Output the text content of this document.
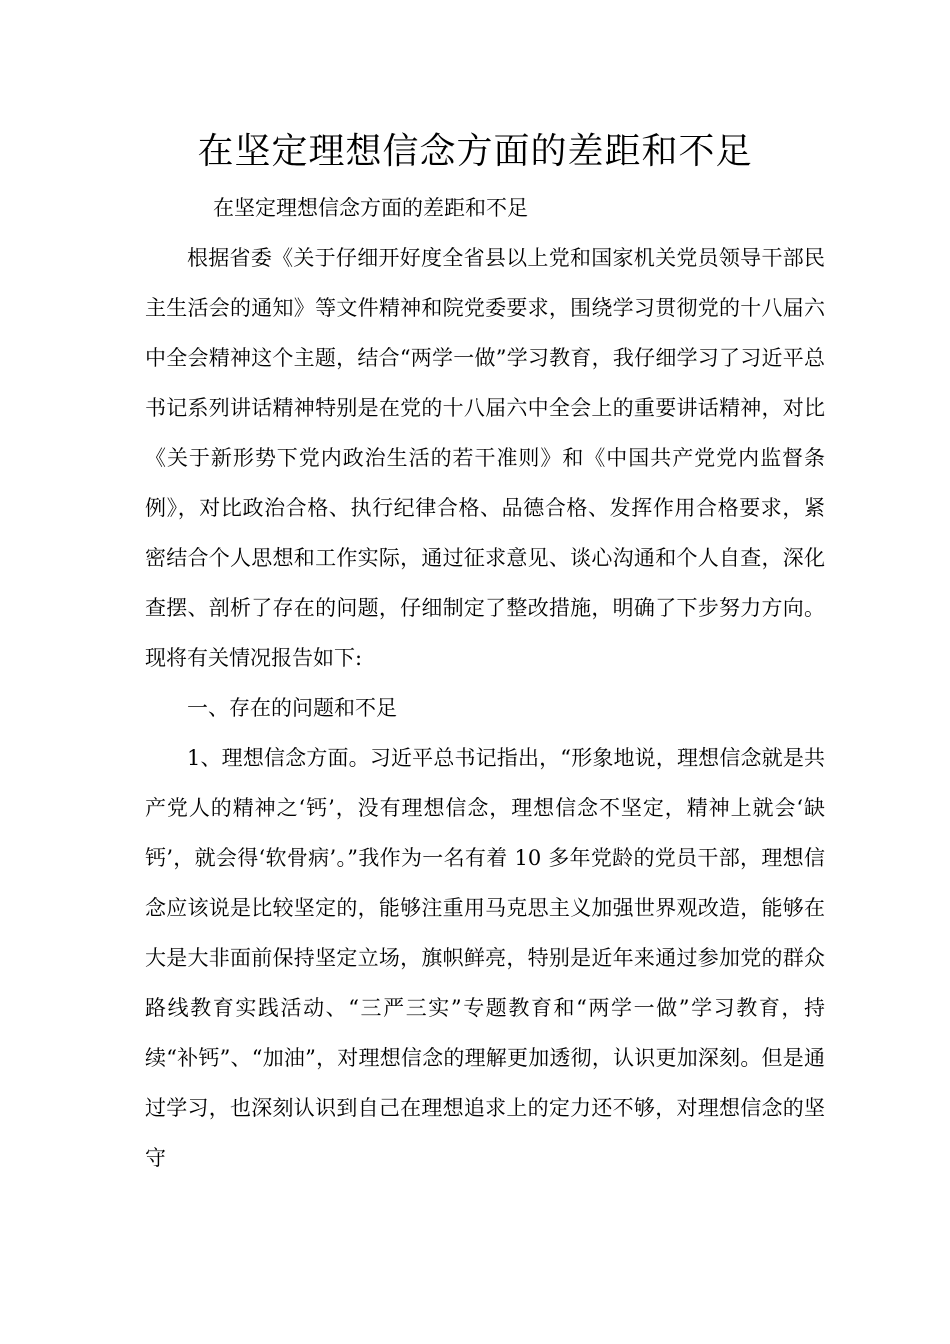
在坚定理想信念方面的差距和不足

在坚定理想信念方面的差距和不足

根据省委《关于仔细开好度全省县以上党和国家机关党员领导干部民主生活会的通知》等文件精神和院党委要求，围绕学习贯彻党的十八届六中全会精神这个主题，结合“两学一做”学习教育，我仔细学习了习近平总书记系列讲话精神特别是在党的十八届六中全会上的重要讲话精神，对比《关于新形势下党内政治生活的若干准则》和《中国共产党党内监督条例》，对比政治合格、执行纪律合格、品德合格、发挥作用合格要求，紧密结合个人思想和工作实际，通过征求意见、谈心沟通和个人自查，深化查摆、剖析了存在的问题，仔细制定了整改措施，明确了下步努力方向。现将有关情况报告如下:

一、存在的问题和不足

1、理想信念方面。习近平总书记指出，“形象地说，理想信念就是共产党人的精神之‘钙’，没有理想信念，理想信念不坚定，精神上就会‘缺钙’，就会得‘软骨病’。”我作为一名有着 10 多年党龄的党员干部，理想信念应该说是比较坚定的，能够注重用马克思主义加强世界观改造，能够在大是大非面前保持坚定立场，旗帜鲜亮，特别是近年来通过参加党的群众路线教育实践活动、“三严三实”专题教育和“两学一做”学习教育，持续“补钙”、“加油”，对理想信念的理解更加透彻，认识更加深刻。但是通过学习，也深刻认识到自己在理想追求上的定力还不够，对理想信念的坚守
